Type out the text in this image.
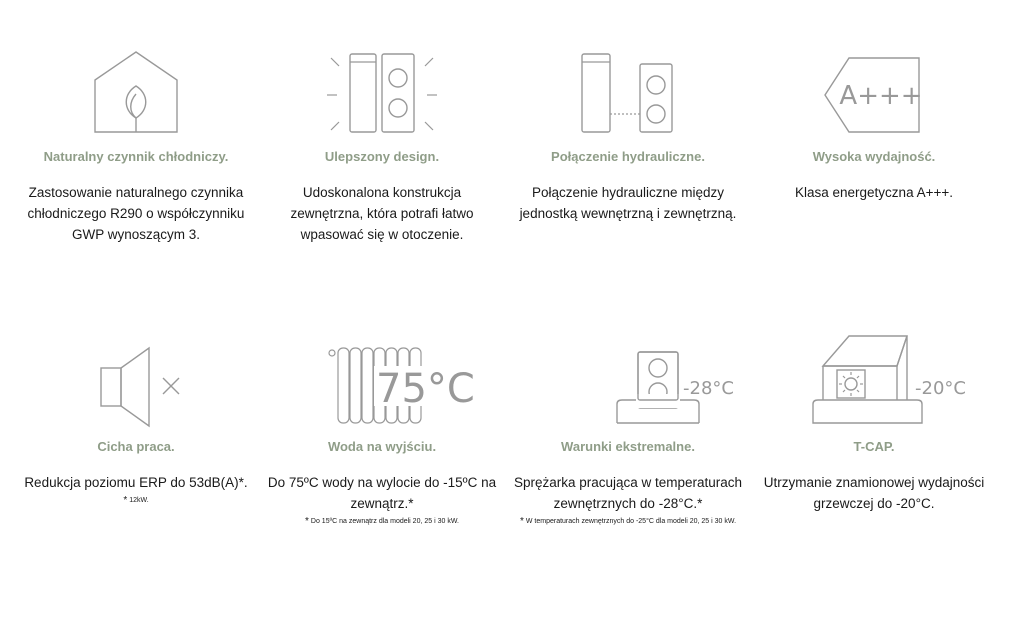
Naturalny czynnik chłodniczy.
Zastosowanie naturalnego czynnika chłodniczego R290 o współczynniku GWP wynoszącym 3.
Ulepszony design.
Udoskonalona konstrukcja zewnętrzna, która potrafi łatwo wpasować się w otoczenie.
Połączenie hydrauliczne.
Połączenie hydrauliczne między jednostką wewnętrzną i zewnętrzną.
A+++
Wysoka wydajność.
Klasa energetyczna A+++.
Cicha praca.
Redukcja poziomu ERP do 53dB(A)*.
* 12kW.
75°C
Woda na wyjściu.
Do 75ºC wody na wylocie do -15ºC na zewnątrz.*
* Do 15ºC na zewnątrz dla modeli 20, 25 i 30 kW.
-28°C
Warunki ekstremalne.
Sprężarka pracująca w temperaturach zewnętrznych do -28°C.*
* W temperaturach zewnętrznych do -25°C dla modeli 20, 25 i 30 kW.
-20°C
T-CAP.
Utrzymanie znamionowej wydajności grzewczej do -20°C.
